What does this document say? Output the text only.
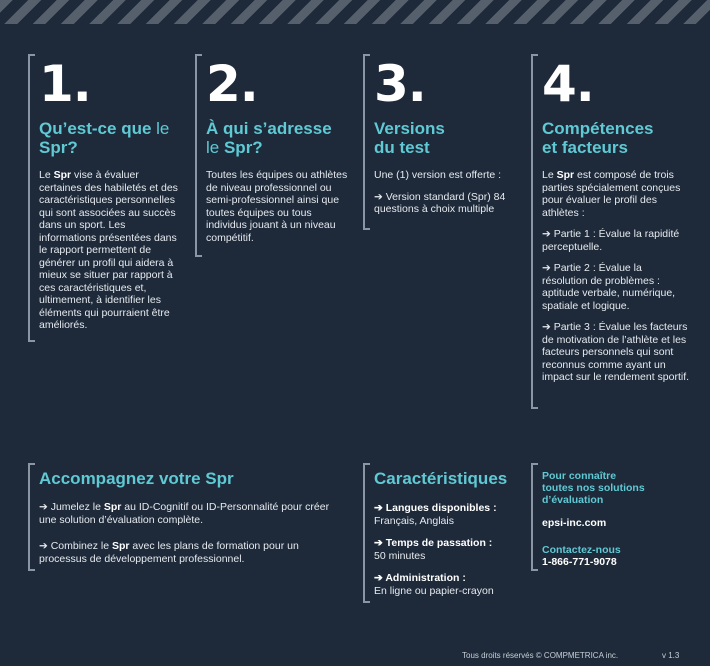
1.
Qu’est-ce que le
Spr?

Le Spr vise à évaluer certaines des habiletés et des caractéristiques personnelles qui sont associées au succès dans un sport. Les informations présentées dans le rapport permettent de générer un profil qui aidera à mieux se situer par rapport à ces caractéristiques et, ultimement, à identifier les éléments qui pourraient être améliorés.

2.
À qui s’adresse
le Spr?

Toutes les équipes ou athlètes de niveau professionnel ou semi-professionnel ainsi que toutes équipes ou tous individus jouant à un niveau compétitif.

3.
Versions
du test

Une (1) version est offerte :

➔ Version standard (Spr) 84 questions à choix multiple

4.
Compétences
et facteurs

Le Spr est composé de trois parties spécialement conçues pour évaluer le profil des athlètes :

➔ Partie 1 : Évalue la rapidité perceptuelle.

➔ Partie 2 : Évalue la résolution de problèmes : aptitude verbale, numérique, spatiale et logique.

➔ Partie 3 : Évalue les facteurs de motivation de l’athlète et les facteurs personnels qui sont reconnus comme ayant un impact sur le rendement sportif.

Accompagnez votre Spr

➔ Jumelez le Spr au ID-Cognitif ou ID-Personnalité pour créer une solution d’évaluation complète.

➔ Combinez le Spr avec les plans de formation pour un processus de développement professionnel.

Caractéristiques

➔ Langues disponibles :
Français, Anglais

➔ Temps de passation :
50 minutes

➔ Administration :
En ligne ou papier-crayon

Pour connaître
toutes nos solutions
d’évaluation

epsi-inc.com

Contactez-nous
1-866-771-9078

Tous droits réservés © COMPMETRICA inc.	v 1.3
